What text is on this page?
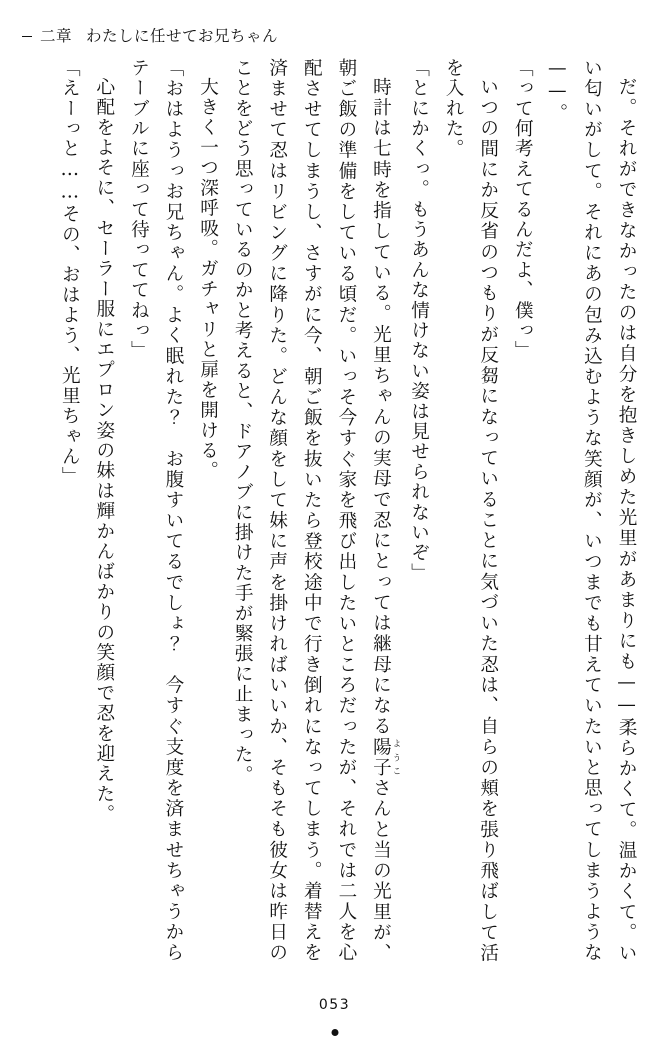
二章 わたしに任せてお兄ちゃん

だ。それができなかったのは自分を抱きしめた光里があまりにも——柔らかくて。温かくて。いい匂いがして。それにあの包み込むような笑顔が、いつまでも甘えていたいと思ってしまうような——。

「って何考えてるんだよ、僕っ」

いつの間にか反省のつもりが反芻になっていることに気づいた忍は、自らの頬を張り飛ばして活を入れた。

「とにかくっ。もうあんな情けない姿は見せられないぞ」

時計は七時を指している。光里ちゃんの実母で忍にとっては継母になる陽子 ようこさんと当の光里が、朝ご飯の準備をしている頃だ。いっそ今すぐ家を飛び出したいところだったが、それでは二人を心配させてしまうし、さすがに今、朝ご飯を抜いたら登校途中で行き倒れになってしまう。着替えを済ませて忍はリビングに降りた。どんな顔をして妹に声を掛ければいいか、そもそも彼女は昨日のことをどう思っているのかと考えると、ドアノブに掛けた手が緊張に止まった。

大きく一つ深呼吸。ガチャリと扉を開ける。

「おはようっお兄ちゃん。よく眠れた？　お腹すいてるでしょ？　今すぐ支度を済ませちゃうからテーブルに座って待っててねっ」

心配をよそに、セーラー服にエプロン姿の妹は輝かんばかりの笑顔で忍を迎えた。

「えーっと……その、おはよう、光里ちゃん」

053
